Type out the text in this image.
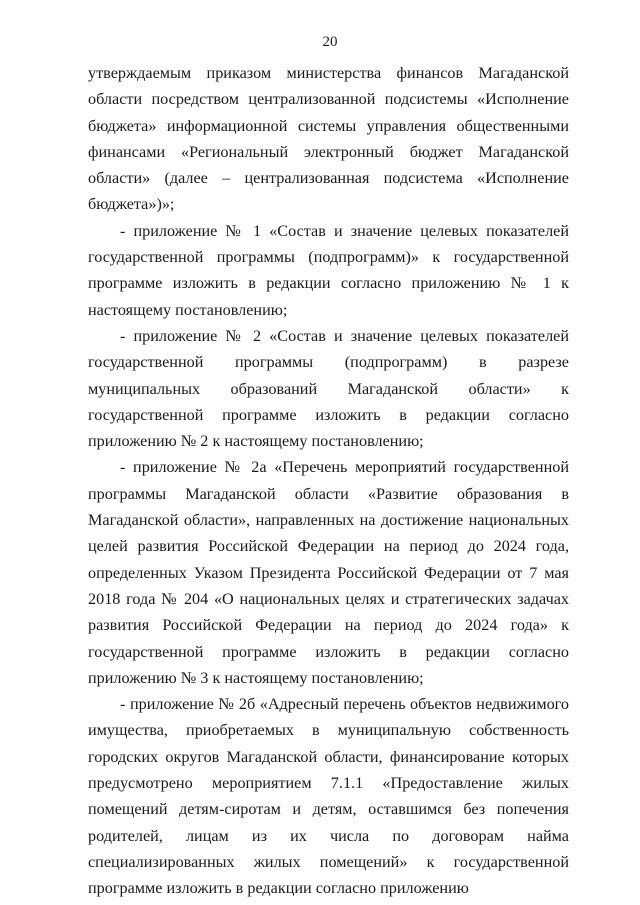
20

утверждаемым приказом министерства финансов Магаданской области посредством централизованной подсистемы «Исполнение бюджета» информационной системы управления общественными финансами «Региональный электронный бюджет Магаданской области» (далее – централизованная подсистема «Исполнение бюджета»)»;

- приложение № 1 «Состав и значение целевых показателей государственной программы (подпрограмм)» к государственной программе изложить в редакции согласно приложению № 1 к настоящему постановлению;

- приложение № 2 «Состав и значение целевых показателей государственной программы (подпрограмм) в разрезе муниципальных образований Магаданской области» к государственной программе изложить в редакции согласно приложению № 2 к настоящему постановлению;

- приложение № 2а «Перечень мероприятий государственной программы Магаданской области «Развитие образования в Магаданской области», направленных на достижение национальных целей развития Российской Федерации на период до 2024 года, определенных Указом Президента Российской Федерации от 7 мая 2018 года № 204 «О национальных целях и стратегических задачах развития Российской Федерации на период до 2024 года» к государственной программе изложить в редакции согласно приложению № 3 к настоящему постановлению;

- приложение № 2б «Адресный перечень объектов недвижимого имущества, приобретаемых в муниципальную собственность городских округов Магаданской области, финансирование которых предусмотрено мероприятием 7.1.1 «Предоставление жилых помещений детям-сиротам и детям, оставшимся без попечения родителей, лицам из их числа по договорам найма специализированных жилых помещений» к государственной программе изложить в редакции согласно приложению
